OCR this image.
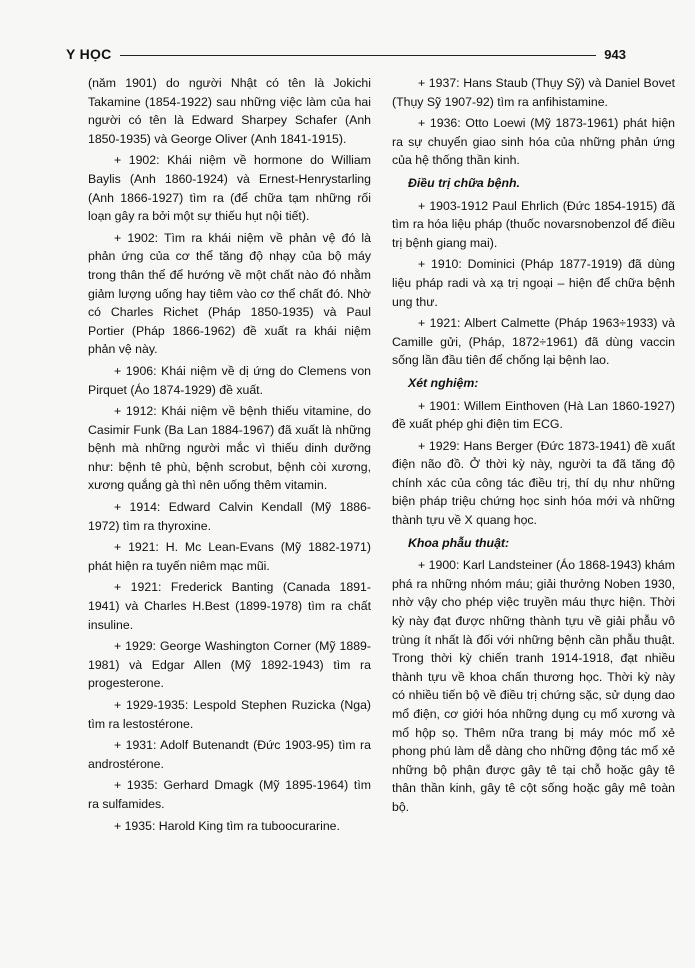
Y HỌC	943

(năm 1901) do người Nhật có tên là Jokichi Takamine (1854-1922) sau những việc làm của hai người có tên là Edward Sharpey Schafer (Anh 1850-1935) và George Oliver (Anh 1841-1915).

+ 1902: Khái niệm về hormone do William Baylis (Anh 1860-1924) và Ernest-Henrystarling (Anh 1866-1927) tìm ra (để chữa tạm những rối loạn gây ra bởi một sự thiếu hụt nội tiết).

+ 1902: Tìm ra khái niệm về phản vệ đó là phản ứng của cơ thể tăng độ nhạy của bộ máy trong thân thể để hướng về một chất nào đó nhằm giảm lượng uống hay tiêm vào cơ thể chất đó. Nhờ có Charles Richet (Pháp 1850-1935) và Paul Portier (Pháp 1866-1962) đề xuất ra khái niệm phản vệ này.

+ 1906: Khái niệm về dị ứng do Clemens von Pirquet (Áo 1874-1929) đề xuất.

+ 1912: Khái niệm về bệnh thiếu vitamine, do Casimir Funk (Ba Lan 1884-1967) đã xuất là những bệnh mà những người mắc vì thiếu dinh dưỡng như: bệnh tê phù, bệnh scrobut, bệnh còi xương, xương quắng gà thì nên uống thêm vitamin.

+ 1914: Edward Calvin Kendall (Mỹ 1886-1972) tìm ra thyroxine.

+ 1921: H. Mc Lean-Evans (Mỹ 1882-1971) phát hiện ra tuyến niêm mạc mũi.

+ 1921: Frederick Banting (Canada 1891-1941) và Charles H.Best (1899-1978) tìm ra chất insuline.

+ 1929: George Washington Corner (Mỹ 1889-1981) và Edgar Allen (Mỹ 1892-1943) tìm ra progesterone.

+ 1929-1935: Lespold Stephen Ruzicka (Nga) tìm ra lestostérone.

+ 1931: Adolf Butenandt (Đức 1903-95) tìm ra androstérone.

+ 1935: Gerhard Dmagk (Mỹ 1895-1964) tìm ra sulfamides.

+ 1935: Harold King tìm ra tuboocurarine.

+ 1937: Hans Staub (Thụy Sỹ) và Daniel Bovet (Thụy Sỹ 1907-92) tìm ra anfihistamine.

+ 1936: Otto Loewi (Mỹ 1873-1961) phát hiện ra sự chuyển giao sinh hóa của những phản ứng của hệ thống thần kinh.

Điều trị chữa bệnh.

+ 1903-1912 Paul Ehrlich (Đức 1854-1915) đã tìm ra hóa liệu pháp (thuốc novarsnobenzol để điều trị bệnh giang mai).

+ 1910: Dominici (Pháp 1877-1919) đã dùng liệu pháp radi và xạ trị ngoại – hiện để chữa bệnh ung thư.

+ 1921: Albert Calmette (Pháp 1963÷1933) và Camille gửi, (Pháp, 1872÷1961) đã dùng vaccin sống lần đầu tiên để chống lại bệnh lao.

Xét nghiệm:

+ 1901: Willem Einthoven (Hà Lan 1860-1927) đề xuất phép ghi điện tim ECG.

+ 1929: Hans Berger (Đức 1873-1941) đề xuất điện não đồ. Ở thời kỳ này, người ta đã tăng độ chính xác của công tác điều trị, thí dụ như những biện pháp triệu chứng học sinh hóa mới và những thành tựu về X quang học.

Khoa phẫu thuật:

+ 1900: Karl Landsteiner (Áo 1868-1943) khám phá ra những nhóm máu; giải thưởng Noben 1930, nhờ vậy cho phép việc truyền máu thực hiện. Thời kỳ này đạt được những thành tựu về giải phẫu vô trùng ít nhất là đối với những bệnh cần phẫu thuật. Trong thời kỳ chiến tranh 1914-1918, đạt nhiều thành tựu về khoa chấn thương học. Thời kỳ này có nhiều tiến bộ về điều trị chứng sặc, sử dụng dao mổ điện, cơ giới hóa những dụng cụ mổ xương và mổ hộp sọ. Thêm nữa trang bị máy móc mổ xẻ phong phú làm dễ dàng cho những động tác mổ xẻ những bộ phận được gây tê tại chỗ hoặc gây tê thân thần kinh, gây tê cột sống hoặc gây mê toàn bộ.
